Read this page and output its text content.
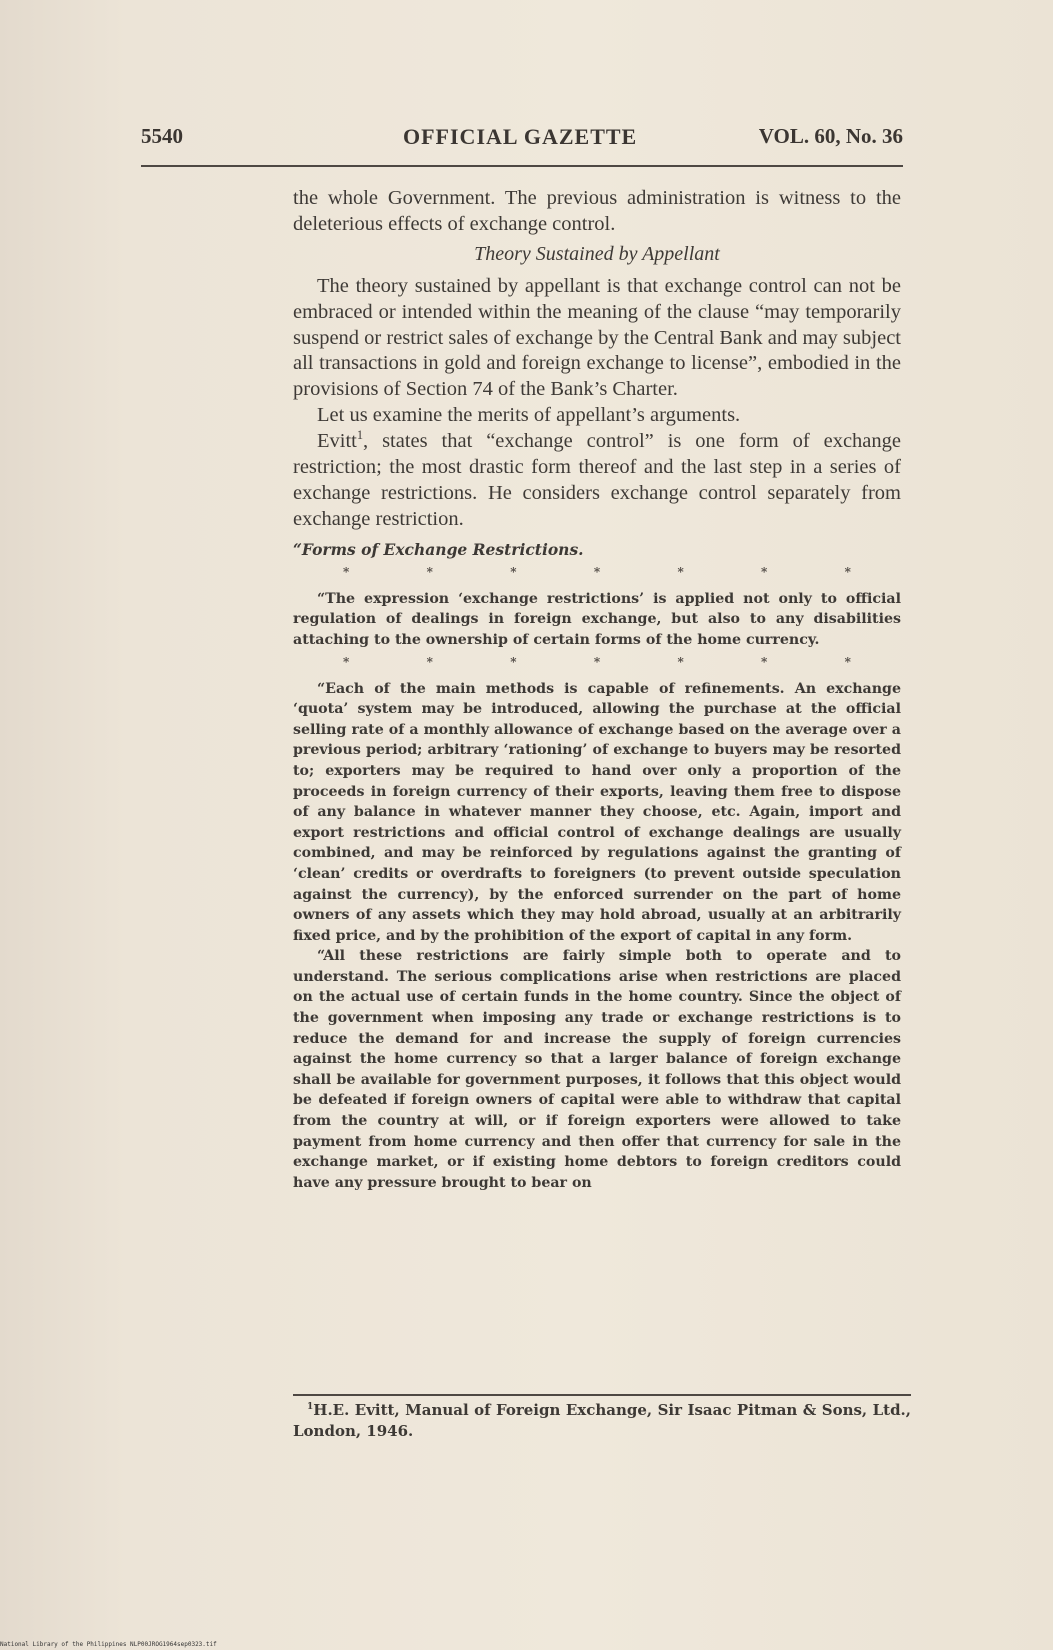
5540	OFFICIAL GAZETTE	VOL. 60, No. 36

the whole Government. The previous administration is witness to the deleterious effects of exchange control.

Theory Sustained by Appellant

The theory sustained by appellant is that exchange control can not be embraced or intended within the meaning of the clause “may temporarily suspend or restrict sales of exchange by the Central Bank and may subject all transactions in gold and foreign exchange to license”, embodied in the provisions of Section 74 of the Bank’s Charter.

Let us examine the merits of appellant’s arguments.

Evitt$^1$, states that “exchange control” is one form of exchange restriction; the most drastic form thereof and the last step in a series of exchange restrictions. He considers exchange control separately from exchange restriction.

“Forms of Exchange Restrictions.

*	*	*	*	*	*	*

“The expression ‘exchange restrictions’ is applied not only to official regulation of dealings in foreign exchange, but also to any disabilities attaching to the ownership of certain forms of the home currency.

*	*	*	*	*	*	*

“Each of the main methods is capable of refinements. An exchange ‘quota’ system may be introduced, allowing the purchase at the official selling rate of a monthly allowance of exchange based on the average over a previous period; arbitrary ‘rationing’ of exchange to buyers may be resorted to; exporters may be required to hand over only a proportion of the proceeds in foreign currency of their exports, leaving them free to dispose of any balance in whatever manner they choose, etc. Again, import and export restrictions and official control of exchange dealings are usually combined, and may be reinforced by regulations against the granting of ‘clean’ credits or overdrafts to foreigners (to prevent outside speculation against the currency), by the enforced surrender on the part of home owners of any assets which they may hold abroad, usually at an arbitrarily fixed price, and by the prohibition of the export of capital in any form.

“All these restrictions are fairly simple both to operate and to understand. The serious complications arise when restrictions are placed on the actual use of certain funds in the home country. Since the object of the government when imposing any trade or exchange restrictions is to reduce the demand for and increase the supply of foreign currencies against the home currency so that a larger balance of foreign exchange shall be available for government purposes, it follows that this object would be defeated if foreign owners of capital were able to withdraw that capital from the country at will, or if foreign exporters were allowed to take payment from home currency and then offer that currency for sale in the exchange market, or if existing home debtors to foreign creditors could have any pressure brought to bear on

$^1$H.E. Evitt, Manual of Foreign Exchange, Sir Isaac Pitman & Sons, Ltd., London, 1946.

National Library of the Philippines NLP00JROG1964sep0323.tif
